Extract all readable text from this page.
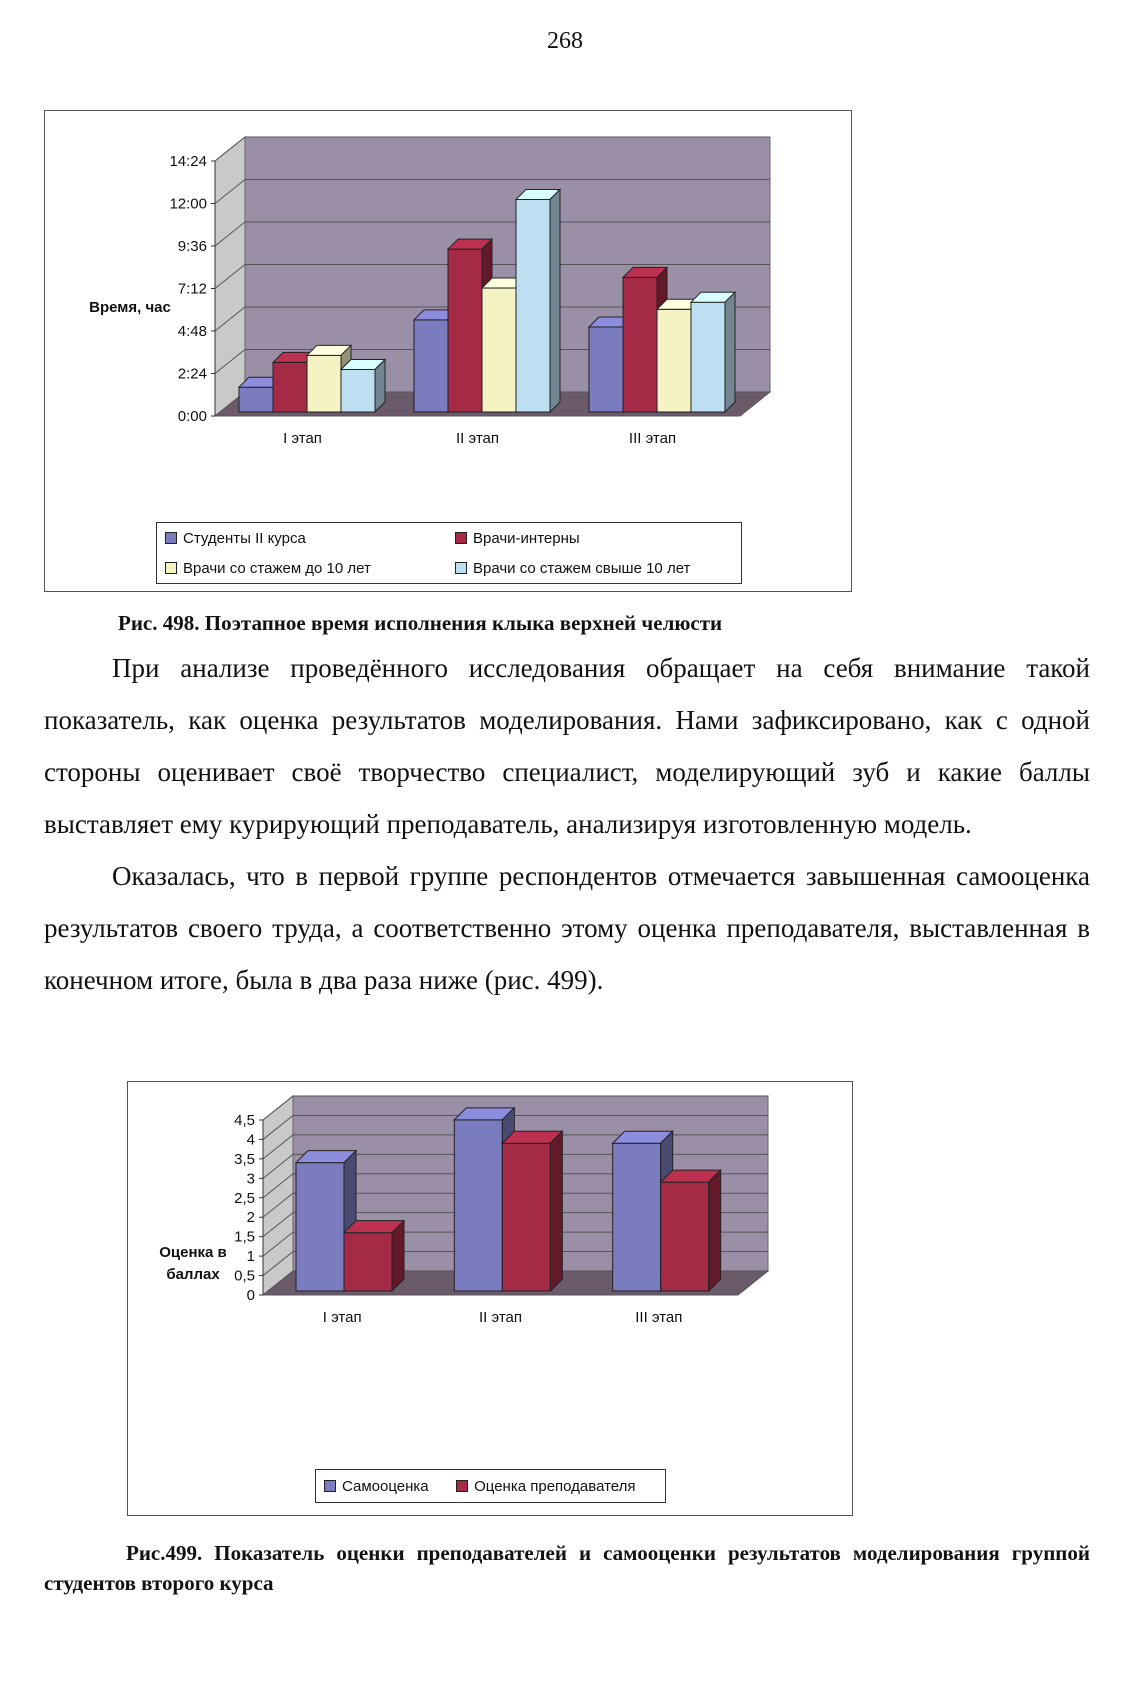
268
0:00
2:24
4:48
7:12
9:36
12:00
14:24
I этап	II этап	III этап
Время, час
Студенты II курса	Врачи-интерны
Врачи со стажем до 10 лет	Врачи со стажем свыше 10 лет
Рис. 498. Поэтапное время исполнения клыка верхней челюсти

При анализе проведённого исследования обращает на себя внимание такой показатель, как оценка результатов моделирования. Нами зафиксировано, как с одной стороны оценивает своё творчество специалист, моделирующий зуб и какие баллы выставляет ему курирующий преподаватель, анализируя изготовленную модель.

Оказалась, что в первой группе респондентов отмечается завышенная самооценка результатов своего труда, а соответственно этому оценка преподавателя, выставленная в конечном итоге, была в два раза ниже (рис. 499).

0
0,5
1
1,5
2
2,5
3
3,5
4
4,5
I этап	II этап	III этап
Оценка в баллах
Самооценка	Оценка преподавателя
Рис.499. Показатель оценки преподавателей и самооценки результатов моделирования группой студентов второго курса
